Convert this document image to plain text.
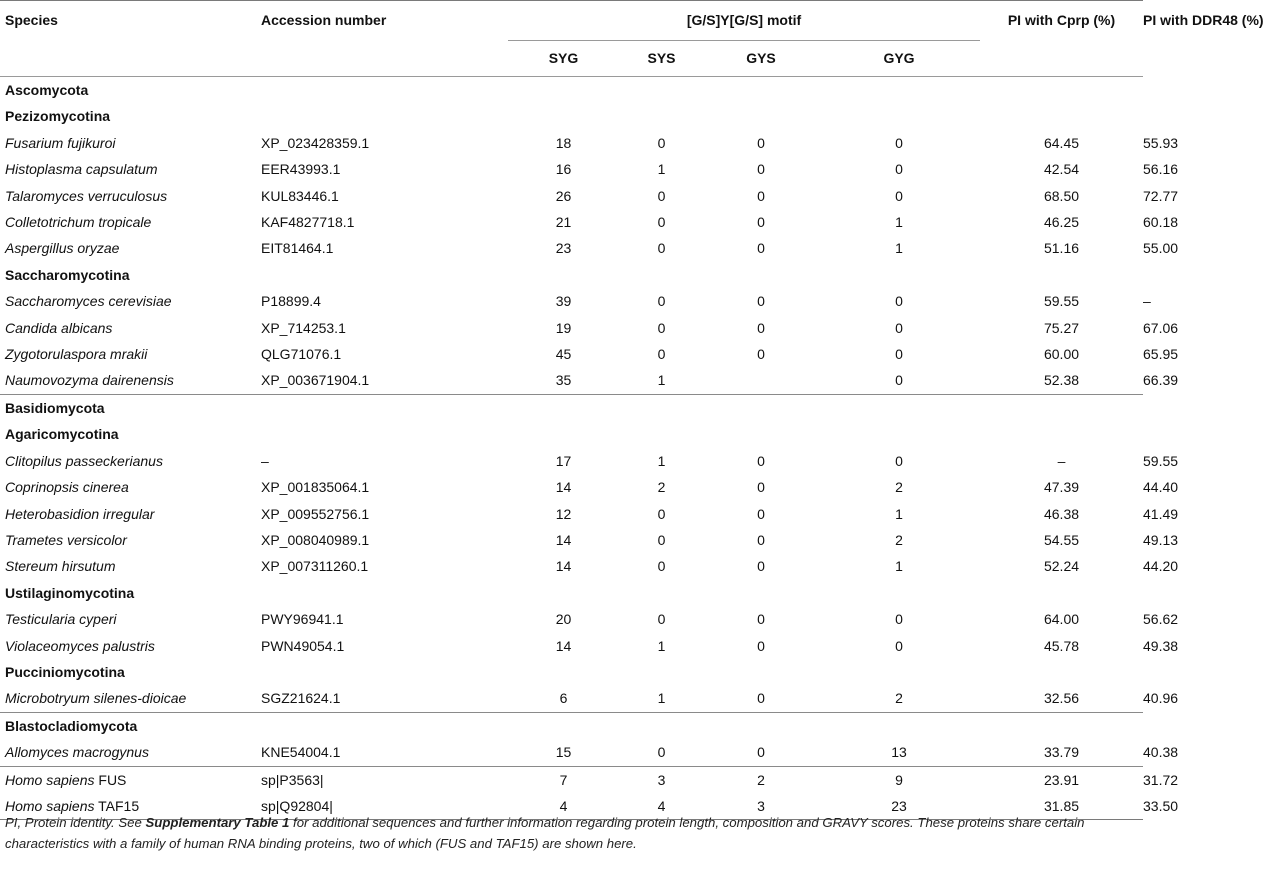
Species	Accession number		[G/S]Y[G/S] motif				PI with Cprp (%)	PI with DDR48 (%)
			SYG	SYS	GYS	GYG		
Ascomycota								
Pezizomycotina								
Fusarium fujikuroi	XP_023428359.1		18	0	0	0	64.45	55.93
Histoplasma capsulatum	EER43993.1		16	1	0	0	42.54	56.16
Talaromyces verruculosus	KUL83446.1		26	0	0	0	68.50	72.77
Colletotrichum tropicale	KAF4827718.1		21	0	0	1	46.25	60.18
Aspergillus oryzae	EIT81464.1		23	0	0	1	51.16	55.00
Saccharomycotina								
Saccharomyces cerevisiae	P18899.4		39	0	0	0	59.55	–
Candida albicans	XP_714253.1		19	0	0	0	75.27	67.06
Zygotorulaspora mrakii	QLG71076.1		45	0	0	0	60.00	65.95
Naumovozyma dairenensis	XP_003671904.1		35	1		0	52.38	66.39
Basidiomycota								
Agaricomycotina								
Clitopilus passeckerianus	–		17	1	0	0	–	59.55
Coprinopsis cinerea	XP_001835064.1		14	2	0	2	47.39	44.40
Heterobasidion irregular	XP_009552756.1		12	0	0	1	46.38	41.49
Trametes versicolor	XP_008040989.1		14	0	0	2	54.55	49.13
Stereum hirsutum	XP_007311260.1		14	0	0	1	52.24	44.20
Ustilaginomycotina								
Testicularia cyperi	PWY96941.1		20	0	0	0	64.00	56.62
Violaceomyces palustris	PWN49054.1		14	1	0	0	45.78	49.38
Pucciniomycotina								
Microbotryum silenes-dioicae	SGZ21624.1		6	1	0	2	32.56	40.96
Blastocladiomycota								
Allomyces macrogynus	KNE54004.1		15	0	0	13	33.79	40.38
Homo sapiens FUS	sp|P3563|		7	3	2	9	23.91	31.72
Homo sapiens TAF15	sp|Q92804|		4	4	3	23	31.85	33.50
PI, Protein identity. See Supplementary Table 1 for additional sequences and further information regarding protein length, composition and GRAVY scores. These proteins share certain characteristics with a family of human RNA binding proteins, two of which (FUS and TAF15) are shown here.
